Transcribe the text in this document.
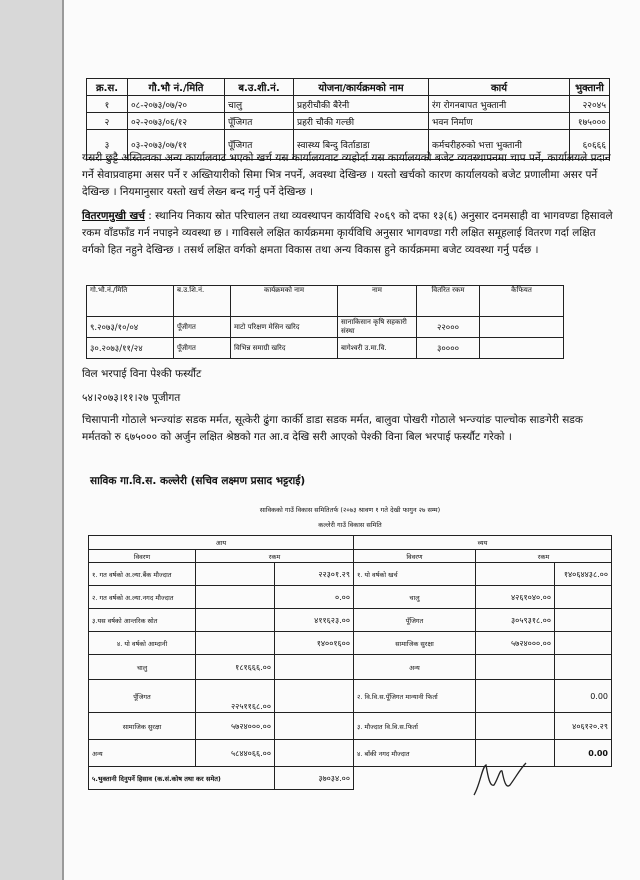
क्र.स.	गौ.भौ नं./मिति	ब.उ.शी.नं.	योजना/कार्यक्रमको नाम	कार्य	भुक्तानी
१	०८-२०७३/०७/२०	चालु	प्रहरीचौकी बैरेनी	रंग रोगनबापत भुक्तानी	२२०४५
२	०२-२०७३/०६/१२	पूँजिगत	प्रहरी चौकी गल्छी	भवन निर्माण	१७५०००
३	०३-२०७३/०७/११	पूँजिगत	स्वास्थ्य बिन्दु विर्ताडाडा	कर्मचरीहरुको भत्ता भुक्तानी	६०६६६
यसरी छुट्टै अस्तित्वका अन्य कार्यालवाट भएको खर्च यस कार्यालयवाट व्यहोर्दा यस कार्यालयको बजेट व्यवस्थापनमा चाप पर्ने, कार्यालयले प्रदान गर्ने सेवाप्रवाहमा असर पर्ने र अख्तियारीको सिमा भित्र नपर्ने, अवस्था देखिन्छ । यस्तो खर्चको कारण कार्यालयको बजेट प्रणालीमा असर पर्ने देखिन्छ । नियमानुसार यस्तो खर्च लेख्न बन्द गर्नु पर्ने देखिन्छ ।
वितरणमुखी खर्च : स्थानिय निकाय स्रोत परिचालन तथा व्यवस्थापन कार्यविधि २०६९ को दफा १३(६) अनुसार दनमसाही वा भागवण्डा हिसावले रकम वाँडफाँड गर्न नपाइने व्यवस्था छ । गाविसले लक्षित कार्यक्रममा कृार्यविधि अनुसार भागवण्डा गरी लक्षित समूहलाई वितरण गर्दा लक्षित वर्गको हित नहुने देखिन्छ । तसर्थ लक्षित वर्गको क्षमता विकास तथा अन्य विकास हुने कार्यक्रममा बजेट व्यवस्था गर्नु पर्दछ ।
गो.भौ.नं./मिति	ब.उ.शि.नं.	कार्यक्रमको नाम	नाम	वितरित रकम	कैफियत
९.२०७३/१०/०४	पूँजीगत	माटो परिक्षण मेसिन खरिद	सानाकिसान कृषि सहकारी संस्था	२२०००	
३०.२०७३/११/२४	पूँजीगत	विभिन्न समाग्री खरिद	बागेश्वरी उ.मा.वि.	३००००	
विल भरपाई विना पेश्की फर्स्यौट
५४।२०७३।११।२७ पूजीगत
चिसापानी गोठाले भन्ज्यांङ सडक मर्मत, सूत्केरी ढुंगा कार्की डाडा सडक मर्मत, बालुवा पोखरी गोठाले भन्ज्यांङ पाल्चोक साङगेरी सडक मर्मतको रु ६७५००० को अर्जुन लक्षित श्रेष्ठको गत आ.व देखि सरी आएको पेश्की विना बिल भरपाई फर्स्यौट गरेको ।
साविक गा.वि.स. कल्लेरी (सचिव लक्ष्मण प्रसाद भट्टराई)
साविकको गाउँ विकास समितितर्फ (२०७३ श्रावण १ गते देखी फागुन २७ सम्म)
कल्लेरी गाउँ विकास समिति
आय			व्यय		
विवरण	रकम		विवरण	रकम	
१. गत वर्षको अ.ल्या.बैंक मौज्दात		२२३०१.२९	१. यो वर्षको खर्च		१४०६४४३८.००
२. गत वर्षको अ.ल्या.नगद मौज्दात		०.००	चालु	४२६१०४०.००	
३.यस वर्षको आन्तरिक स्रोत		४११६२३.००	पूँजिगत	३०५९३१८.००	
४. यो वर्षको आम्दानी		१४००१६००	सामाजिक सुरक्षा	५७२४०००.००	
चालु	१८१६६६.००		अन्य		
पूँजिगत	२२५११६८.००		२. वि.वि.स.पूँजिगत मान्यानी फिर्ता		0.00
सामाजिक सुरक्षा	५७२४०००.००		३. मौज्दात वि.वि.स.फिर्ता		४०६१२०.२९
अन्य	५८४४०६६.००		४. बाँकी नगद मौज्दात		0.00
५.भुक्तानी दिनुपर्ने हिसाव (क.सं.कोष तथा कर समेत)		३७०३४.००			
